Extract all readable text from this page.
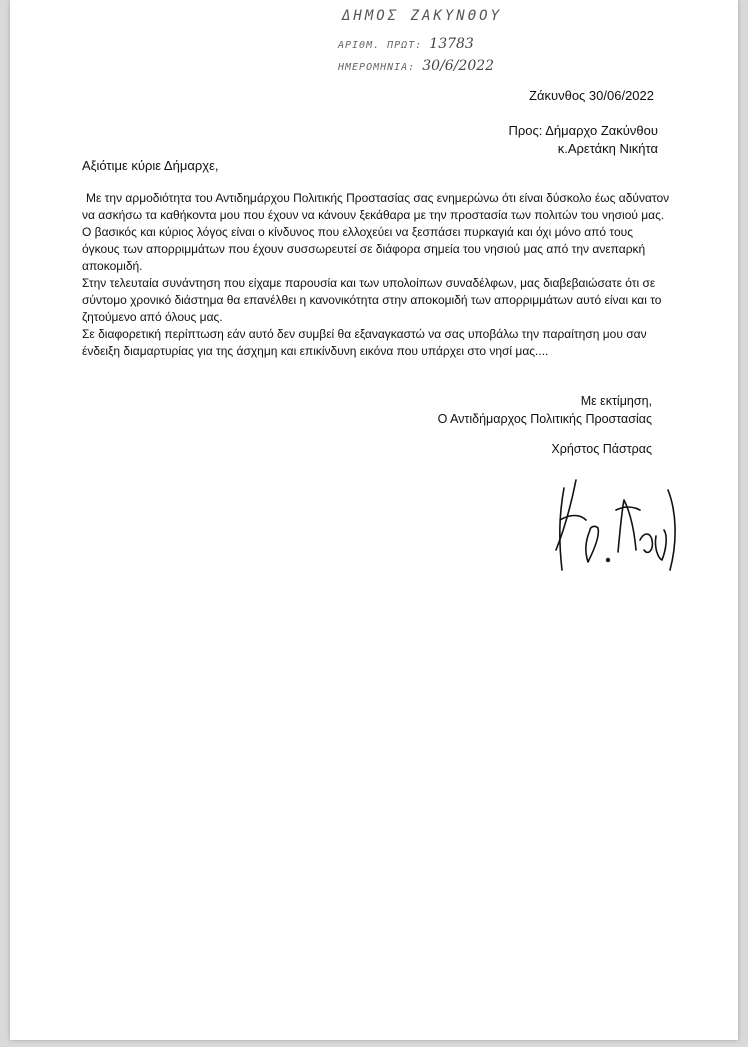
ΔΗΜΟΣ ΖΑΚΥΝΘΟΥ
ΑΡΙΘΜ. ΠΡΩΤ: 13783
ΗΜΕΡΟΜΗΝΙΑ: 30/6/2022
Ζάκυνθος 30/06/2022
Προς: Δήμαρχο Ζακύνθου
κ.Αρετάκη Νικήτα
Αξιότιμε κύριε Δήμαρχε,

Με την αρμοδιότητα του Αντιδημάρχου Πολιτικής Προστασίας σας ενημερώνω ότι είναι δύσκολο έως αδύνατον να ασκήσω τα καθήκοντα μου που έχουν να κάνουν ξεκάθαρα με την προστασία των πολιτών του νησιού μας.

Ο βασικός και κύριος λόγος είναι ο κίνδυνος που ελλοχεύει να ξεσπάσει πυρκαγιά και όχι μόνο από τους όγκους των απορριμμάτων που έχουν συσσωρευτεί σε διάφορα σημεία του νησιού μας από την ανεπαρκή αποκομιδή.

Στην τελευταία συνάντηση που είχαμε παρουσία και των υπολοίπων συναδέλφων, μας διαβεβαιώσατε ότι σε σύντομο χρονικό διάστημα θα επανέλθει η κανονικότητα στην αποκομιδή των απορριμμάτων αυτό είναι και το ζητούμενο από όλους μας.

Σε διαφορετική περίπτωση εάν αυτό δεν συμβεί θα εξαναγκαστώ να σας υποβάλω την παραίτηση μου σαν ένδειξη διαμαρτυρίας για της άσχημη και επικίνδυνη εικόνα που υπάρχει στο νησί μας....

Με εκτίμηση,
Ο Αντιδήμαρχος Πολιτικής Προστασίας
Χρήστος Πάστρας
